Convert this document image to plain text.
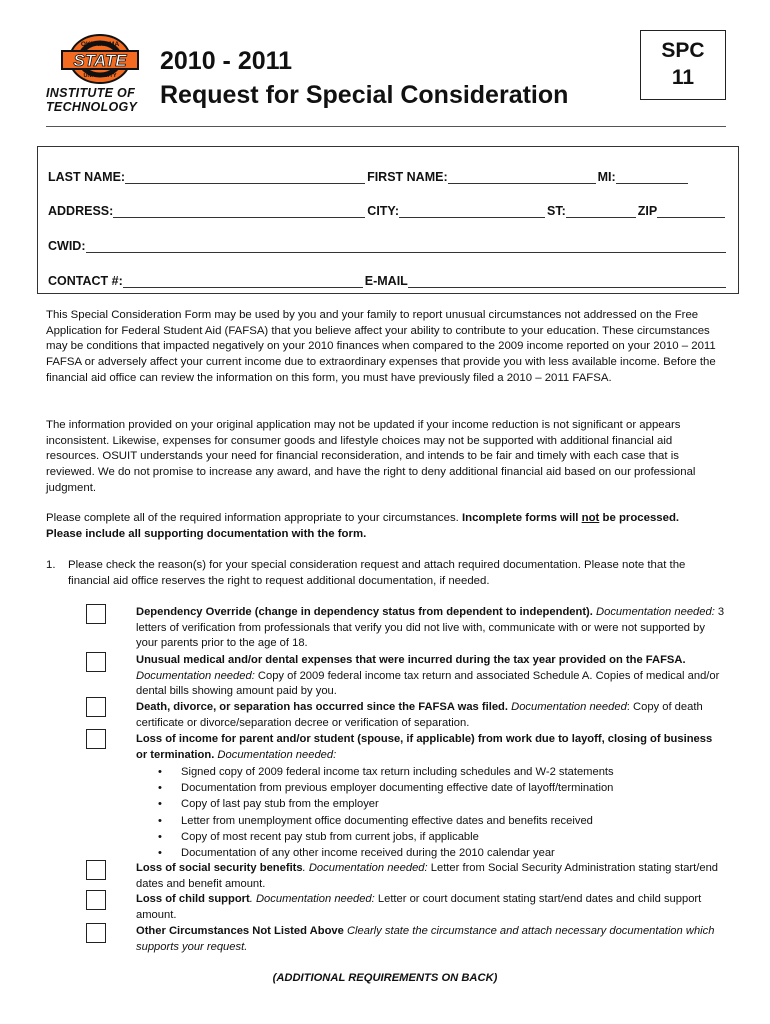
OKLAHOMA
STATE
UNIVERSITY
INSTITUTE OF
TECHNOLOGY
2010 - 2011
Request for Special Consideration
SPC
11
LAST NAME:	FIRST NAME:	MI:
ADDRESS:	CITY:	ST:	ZIP
CWID:
CONTACT #:	E-MAIL
This Special Consideration Form may be used by you and your family to report unusual circumstances not addressed on the Free Application for Federal Student Aid (FAFSA) that you believe affect your ability to contribute to your education. These circumstances may be conditions that impacted negatively on your 2010 finances when compared to the 2009 income reported on your 2010 – 2011 FAFSA or adversely affect your current income due to extraordinary expenses that provide you with less available income. Before the financial aid office can review the information on this form, you must have previously filed a 2010 – 2011 FAFSA.
The information provided on your original application may not be updated if your income reduction is not significant or appears inconsistent. Likewise, expenses for consumer goods and lifestyle choices may not be supported with additional financial aid resources. OSUIT understands your need for financial reconsideration, and intends to be fair and timely with each case that is reviewed. We do not promise to increase any award, and have the right to deny additional financial aid based on our professional judgment.
Please complete all of the required information appropriate to your circumstances. Incomplete forms will not be processed.
Please include all supporting documentation with the form.
1. Please check the reason(s) for your special consideration request and attach required documentation. Please note that the financial aid office reserves the right to request additional documentation, if needed.
Dependency Override (change in dependency status from dependent to independent). Documentation needed: 3 letters of verification from professionals that verify you did not live with, communicate with or were not supported by your parents prior to the age of 18.
Unusual medical and/or dental expenses that were incurred during the tax year provided on the FAFSA. Documentation needed: Copy of 2009 federal income tax return and associated Schedule A. Copies of medical and/or dental bills showing amount paid by you.
Death, divorce, or separation has occurred since the FAFSA was filed. Documentation needed: Copy of death certificate or divorce/separation decree or verification of separation.
Loss of income for parent and/or student (spouse, if applicable) from work due to layoff, closing of business or termination. Documentation needed:
• Signed copy of 2009 federal income tax return including schedules and W-2 statements
• Documentation from previous employer documenting effective date of layoff/termination
• Copy of last pay stub from the employer
• Letter from unemployment office documenting effective dates and benefits received
• Copy of most recent pay stub from current jobs, if applicable
• Documentation of any other income received during the 2010 calendar year
Loss of social security benefits. Documentation needed: Letter from Social Security Administration stating start/end dates and benefit amount.
Loss of child support. Documentation needed: Letter or court document stating start/end dates and child support amount.
Other Circumstances Not Listed Above Clearly state the circumstance and attach necessary documentation which supports your request.
(ADDITIONAL REQUIREMENTS ON BACK)
